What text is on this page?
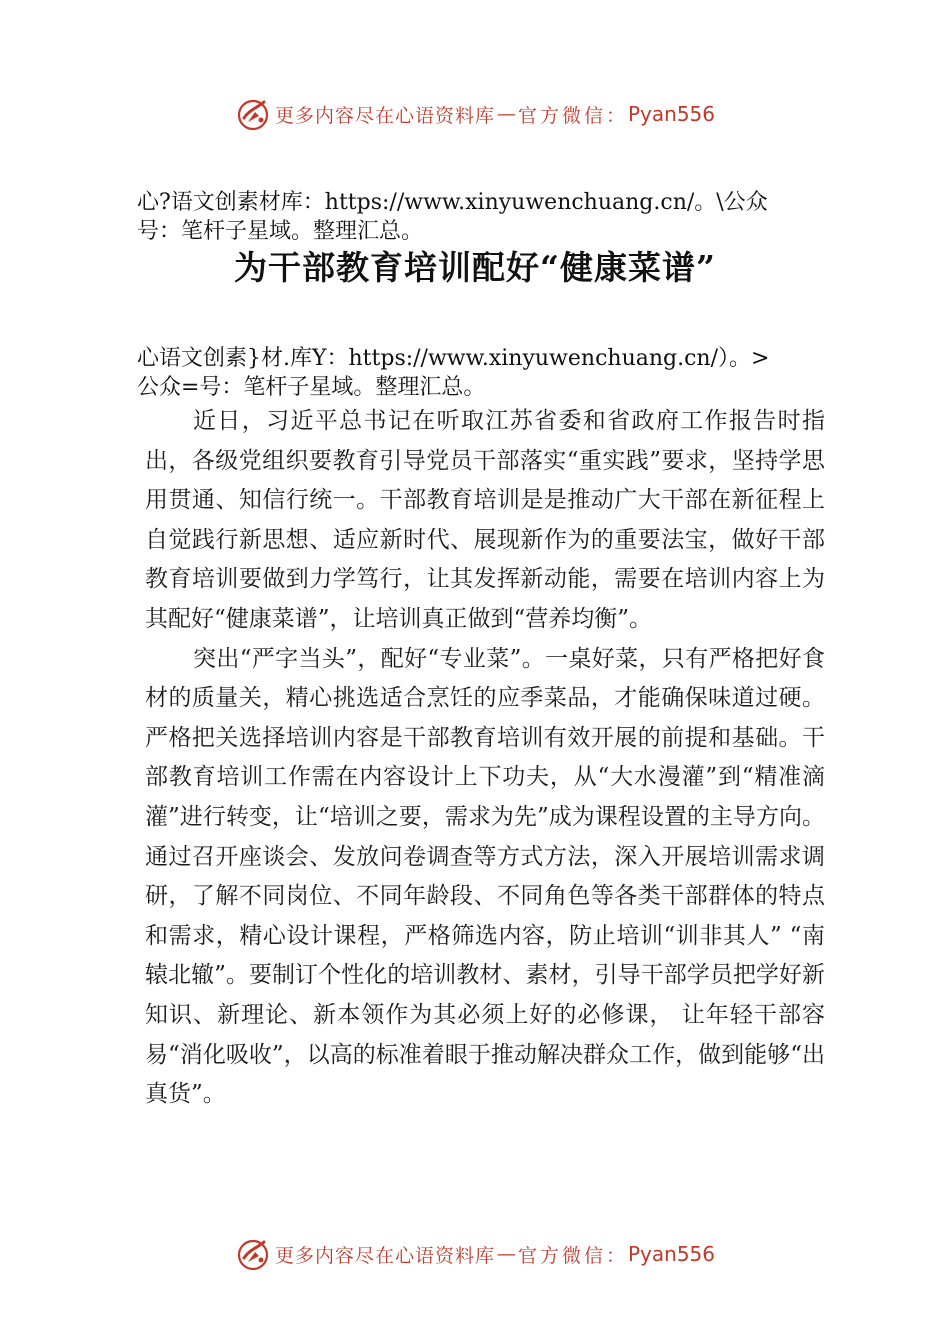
更多内容尽在心语资料库 — 官方微信： Pyan556
心?语文创素材库：https://www.xinyuwenchuang.cn/。\公众
号：笔杆子星域。整理汇总。
为干部教育培训配好“健康菜谱”
心语文创素}材.库Y：https://www.xinyuwenchuang.cn/）。>
公众=号：笔杆子星域。整理汇总。

近日，习近平总书记在听取江苏省委和省政府工作报告时指出，各级党组织要教育引导党员干部落实“重实践”要求，坚持学思用贯通、知信行统一。干部教育培训是是推动广大干部在新征程上自觉践行新思想、适应新时代、展现新作为的重要法宝，做好干部教育培训要做到力学笃行，让其发挥新动能，需要在培训内容上为其配好“健康菜谱”，让培训真正做到“营养均衡”。

突出“严字当头”，配好“专业菜”。一桌好菜，只有严格把好食材的质量关，精心挑选适合烹饪的应季菜品，才能确保味道过硬。严格把关选择培训内容是干部教育培训有效开展的前提和基础。干部教育培训工作需在内容设计上下功夫，从“大水漫灌”到“精准滴灌”进行转变，让“培训之要，需求为先”成为课程设置的主导方向。通过召开座谈会、发放问卷调查等方式方法，深入开展培训需求调研，了解不同岗位、不同年龄段、不同角色等各类干部群体的特点和需求，精心设计课程，严格筛选内容，防止培训“训非其人” “南辕北辙”。要制订个性化的培训教材、素材，引导干部学员把学好新知识、新理论、新本领作为其必须上好的必修课， 让年轻干部容易“消化吸收”，以高的标准着眼于推动解决群众工作，做到能够“出真货”。

更多内容尽在心语资料库 — 官方微信： Pyan556
